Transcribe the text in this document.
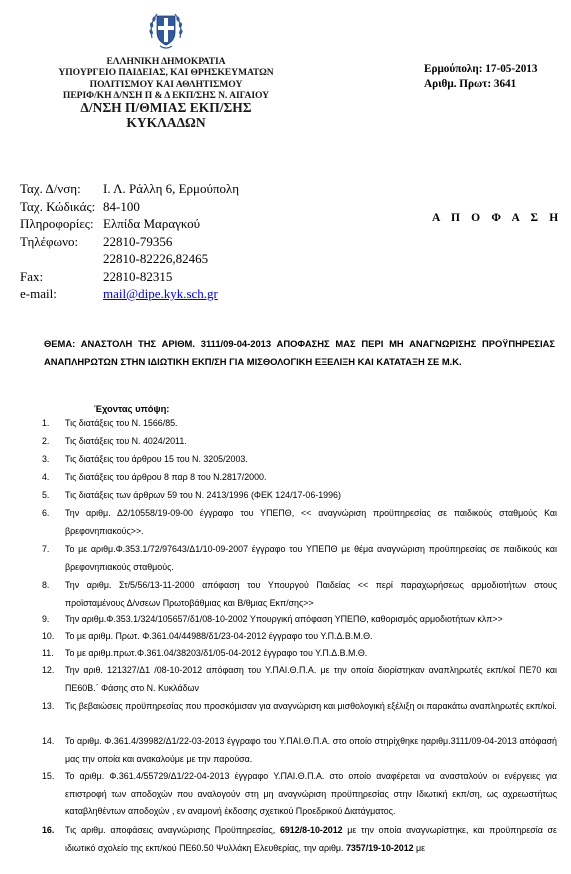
ΕΛΛΗΝΙΚΗ ΔΗΜΟΚΡΑΤΙΑ
ΥΠΟΥΡΓΕΙΟ ΠΑΙΔΕΙΑΣ, ΚΑΙ ΘΡΗΣΚΕΥΜΑΤΩΝ
ΠΟΛΙΤΙΣΜΟΥ ΚΑΙ ΑΘΛΗΤΙΣΜΟΥ
ΠΕΡΙΦ/ΚΗ Δ/ΝΣΗ Π & Δ ΕΚΠ/ΣΗΣ Ν. ΑΙΓΑΙΟΥ
Δ/ΝΣΗ Π/ΘΜΙΑΣ ΕΚΠ/ΣΗΣ
ΚΥΚΛΑΔΩΝ
Ερμούπολη: 17-05-2013
Αριθμ. Πρωτ: 3641
Ταχ. Δ/νση: Ι. Λ. Ράλλη 6, Ερμούπολη
Ταχ. Κώδικάς: 84-100
Πληροφορίες: Ελπίδα Μαραγκού
Τηλέφωνο: 22810-79356
22810-82226,82465
Fax:	22810-82315
e-mail:	mail@dipe.kyk.sch.gr
Α Π Ο Φ Α Σ Η
ΘΕΜΑ: ΑΝΑΣΤΟΛΗ ΤΗΣ ΑΡΙΘΜ. 3111/09-04-2013 ΑΠΟΦΑΣΗΣ ΜΑΣ ΠΕΡΙ ΜΗ ΑΝΑΓΝΩΡΙΣΗΣ ΠΡΟΫΠΗΡΕΣΙΑΣ ΑΝΑΠΛΗΡΩΤΩΝ ΣΤΗΝ ΙΔΙΩΤΙΚΗ ΕΚΠ/ΣΗ ΓΙΑ ΜΙΣΘΟΛΟΓΙΚΗ ΕΞΕΛΙΞΗ ΚΑΙ ΚΑΤΑΤΑΞΗ ΣΕ Μ.Κ.
Έχοντας υπόψη:
1. Τις διατάξεις του Ν. 1566/85.
2. Τις διατάξεις του Ν. 4024/2011.
3. Τις διατάξεις του άρθρου 15 του Ν. 3205/2003.
4. Τις διατάξεις του άρθρου 8 παρ 8 του Ν.2817/2000.
5. Τις διατάξεις των άρθρων 59 του Ν. 2413/1996 (ΦΕΚ 124/17-06-1996)
6. Την αριθμ. Δ2/10558/19-09-00 έγγραφο του ΥΠΕΠΘ, << αναγνώριση προϋπηρεσίας σε παιδικούς σταθμούς Και βρεφονηπιακούς>>.
7. Το με αριθμ.Φ.353.1/72/97643/Δ1/10-09-2007 έγγραφο του ΥΠΕΠΘ με θέμα αναγνώριση προϋπηρεσίας σε παιδικούς και βρεφονηπιακούς σταθμούς.
8. Την αριθμ. Στ/5/56/13-11-2000 απόφαση του Υπουργού Παιδείας << περί παραχωρήσεως αρμοδιοτήτων στους προϊσταμένους Δ/νσεων Πρωτοβάθμιας και Β/θμιας Εκπ/σης>>
9. Την αριθμ.Φ.353.1/324/105657/δ1/08-10-2002 Υπουργική απόφαση ΥΠΕΠΘ, καθορισμός αρμοδιοτήτων κλπ>>
10. Το με αριθμ. Πρωτ. Φ.361.04/44988/δ1/23-04-2012 έγγραφο του Υ.Π.Δ.Β.Μ.Θ.
11. Το με αριθμ.πρωτ.Φ.361.04/38203/δ1/05-04-2012 έγγραφο του Υ.Π.Δ.Β.Μ.Θ.
12. Την αριθ. 121327/Δ1 /08-10-2012 απόφαση του Υ.ΠΑΙ.Θ.Π.Α. με την οποία διορίστηκαν αναπληρωτές εκπ/κοί ΠΕ70 και ΠΕ60Β.΄ Φάσης στο Ν. Κυκλάδων
13. Τις βεβαιώσεις προϋπηρεσίας που προσκόμισαν για αναγνώριση και μισθολογική εξέλιξη οι παρακάτω αναπληρωτές εκπ/κοί.
14. Το αριθμ. Φ.361.4/39982/Δ1/22-03-2013 έγγραφο του Υ.ΠΑΙ.Θ.Π.Α. στο οποίο στηρίχθηκε ηαριθμ.3111/09-04-2013 απόφασή μας την οποία και ανακαλούμε με την παρούσα.
15. Το αριθμ. Φ.361.4/55729/Δ1/22-04-2013 έγγραφο Υ.ΠΑΙ.Θ.Π.Α. στο οποίο αναφέρεται να ανασταλούν οι ενέργειες για επιστροφή των αποδοχών που αναλογούν στη μη αναγνώριση προϋπηρεσίας στην Ιδιωτική εκπ/ση, ως αχρεωστήτως καταβληθέντων αποδοχών , εν αναμονή έκδοσης σχετικού Προεδρικού Διατάγματος.
16. Τις αριθμ. αποφάσεις αναγνώρισης Προϋπηρεσίας, 6912/8-10-2012 με την οποία αναγνωρίστηκε, και προϋπηρεσία σε ιδιωτικό σχολείο της εκπ/κού ΠΕ60.50 Ψυλλάκη Ελευθερίας, την αριθμ. 7357/19-10-2012 με
